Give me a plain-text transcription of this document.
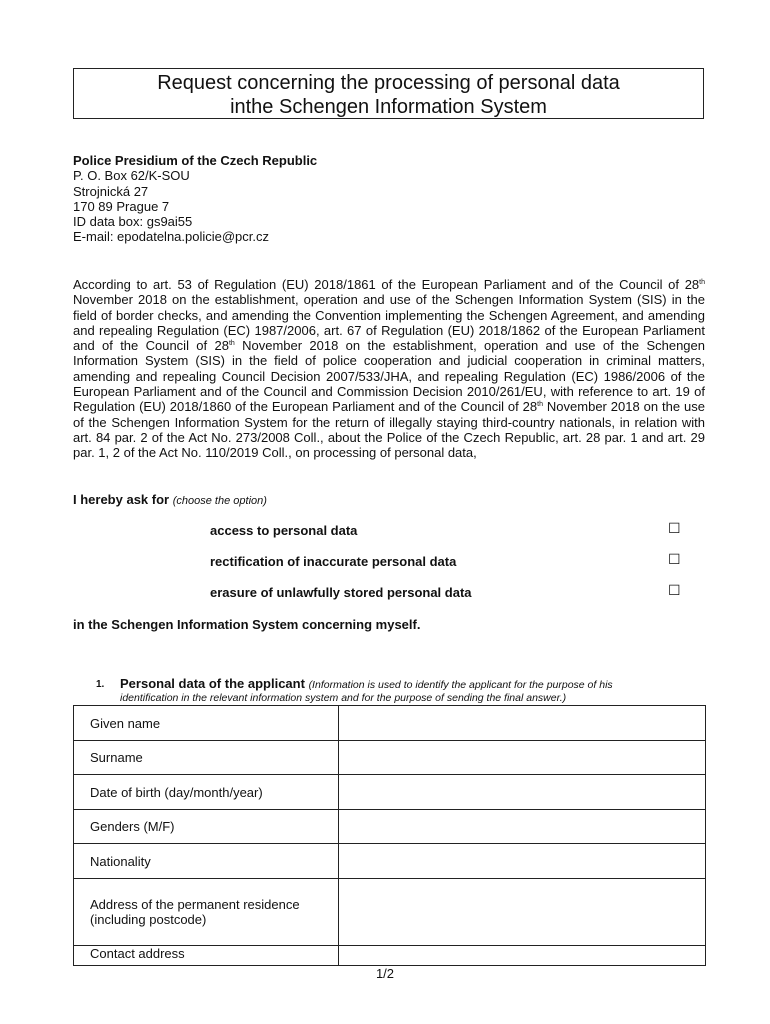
Request concerning the processing of personal data
inthe Schengen Information System
Police Presidium of the Czech Republic
P. O. Box 62/K-SOU
Strojnická 27
170 89 Prague 7
ID data box: gs9ai55
E-mail: epodatelna.policie@pcr.cz
According to art. 53 of Regulation (EU) 2018/1861 of the European Parliament and of the Council of 28th November 2018 on the establishment, operation and use of the Schengen Information System (SIS) in the field of border checks, and amending the Convention implementing the Schengen Agreement, and amending and repealing Regulation (EC) 1987/2006, art. 67 of Regulation (EU) 2018/1862 of the European Parliament and of the Council of 28th November 2018 on the establishment, operation and use of the Schengen Information System (SIS) in the field of police cooperation and judicial cooperation in criminal matters, amending and repealing Council Decision 2007/533/JHA, and repealing Regulation (EC) 1986/2006 of the European Parliament and of the Council and Commission Decision 2010/261/EU, with reference to art. 19 of Regulation (EU) 2018/1860 of the European Parliament and of the Council of 28th November 2018 on the use of the Schengen Information System for the return of illegally staying third-country nationals, in relation with art. 84 par. 2 of the Act No. 273/2008 Coll., about the Police of the Czech Republic, art. 28 par. 1 and art. 29 par. 1, 2 of the Act No. 110/2019 Coll., on processing of personal data,
I hereby ask for (choose the option)
access to personal data	☐
rectification of inaccurate personal data	☐
erasure of unlawfully stored personal data	☐
in the Schengen Information System concerning myself.
1. Personal data of the applicant (Information is used to identify the applicant for the purpose of his
identification in the relevant information system and for the purpose of sending the final answer.)
Given name	
Surname	
Date of birth (day/month/year)	
Genders (M/F)	
Nationality	
Address of the permanent residence (including postcode)	
Contact address	
1/2
